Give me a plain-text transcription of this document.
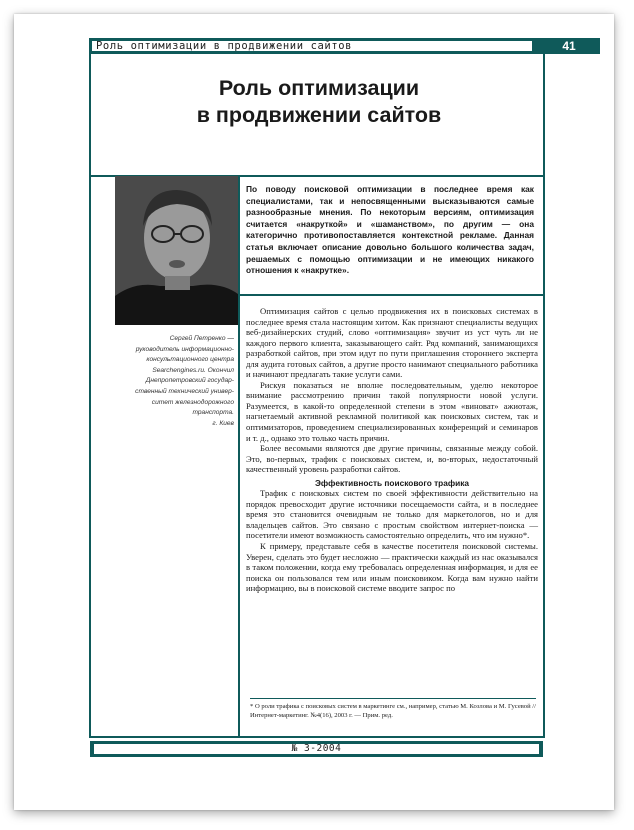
Роль оптимизации в продвижении сайтов	41
Роль оптимизации
в продвижении сайтов
По поводу поисковой оптимизации в последнее время как специалистами, так и непосвященными высказываются самые разнообразные мнения. По некоторым версиям, оптимизация считается «накруткой» и «шаманством», по другим — она категорично противопоставляется контекстной рекламе. Данная статья включает описание довольно большого количества задач, решаемых с помощью оптимизации и не имеющих никакого отношения к «накрутке».
Сергей Петренко —
руководитель информационно-
консультационного центра
Searchengines.ru. Окончил
Днепропетровский государ-
ственный технический универ-
ситет железнодорожного
транспорта.
г. Киев

Оптимизация сайтов с целью продвижения их в поисковых системах в последнее время стала настоящим хитом. Как признают специалисты ведущих веб-дизайнерских студий, слово «оптимизация» звучит из уст чуть ли не каждого первого клиента, заказывающего сайт. Ряд компаний, занимающихся разработкой сайтов, при этом идут по пути приглашения стороннего эксперта для аудита готовых сайтов, а другие просто нанимают специального работника и начинают предлагать такие услуги сами.

Рискуя показаться не вполне последовательным, уделю некоторое внимание рассмотрению причин такой популярности новой услуги. Разумеется, в какой-то определенной степени в этом «виноват» ажиотаж, нагнетаемый активной рекламной политикой как поисковых систем, так и оптимизаторов, проведением специализированных конференций и семинаров и т. д., однако это только часть причин.

Более весомыми являются две другие причины, связанные между собой. Это, во-первых, трафик с поисковых систем, и, во-вторых, недостаточный качественный уровень разработки сайтов.

Эффективность поискового трафика

Трафик с поисковых систем по своей эффективности действительно на порядок превосходит другие источники посещаемости сайта, и в последнее время это становится очевидным не только для маркетологов, но и для владельцев сайтов. Это связано с простым свойством интернет-поиска — посетители имеют возможность самостоятельно определить, что им нужно*.

К примеру, представьте себя в качестве посетителя поисковой системы. Уверен, сделать это будет несложно — практически каждый из нас оказывался в таком положении, когда ему требовалась определенная информация, и для ее поиска он пользовался тем или иным поисковиком. Когда вам нужно найти информацию, вы в поисковой системе вводите запрос по

* О роли трафика с поисковых систем в маркетинге см., например, статью М. Козлова и М. Гусевой // Интернет-маркетинг. №4(16), 2003 г. — Прим. ред.
№ 3-2004
